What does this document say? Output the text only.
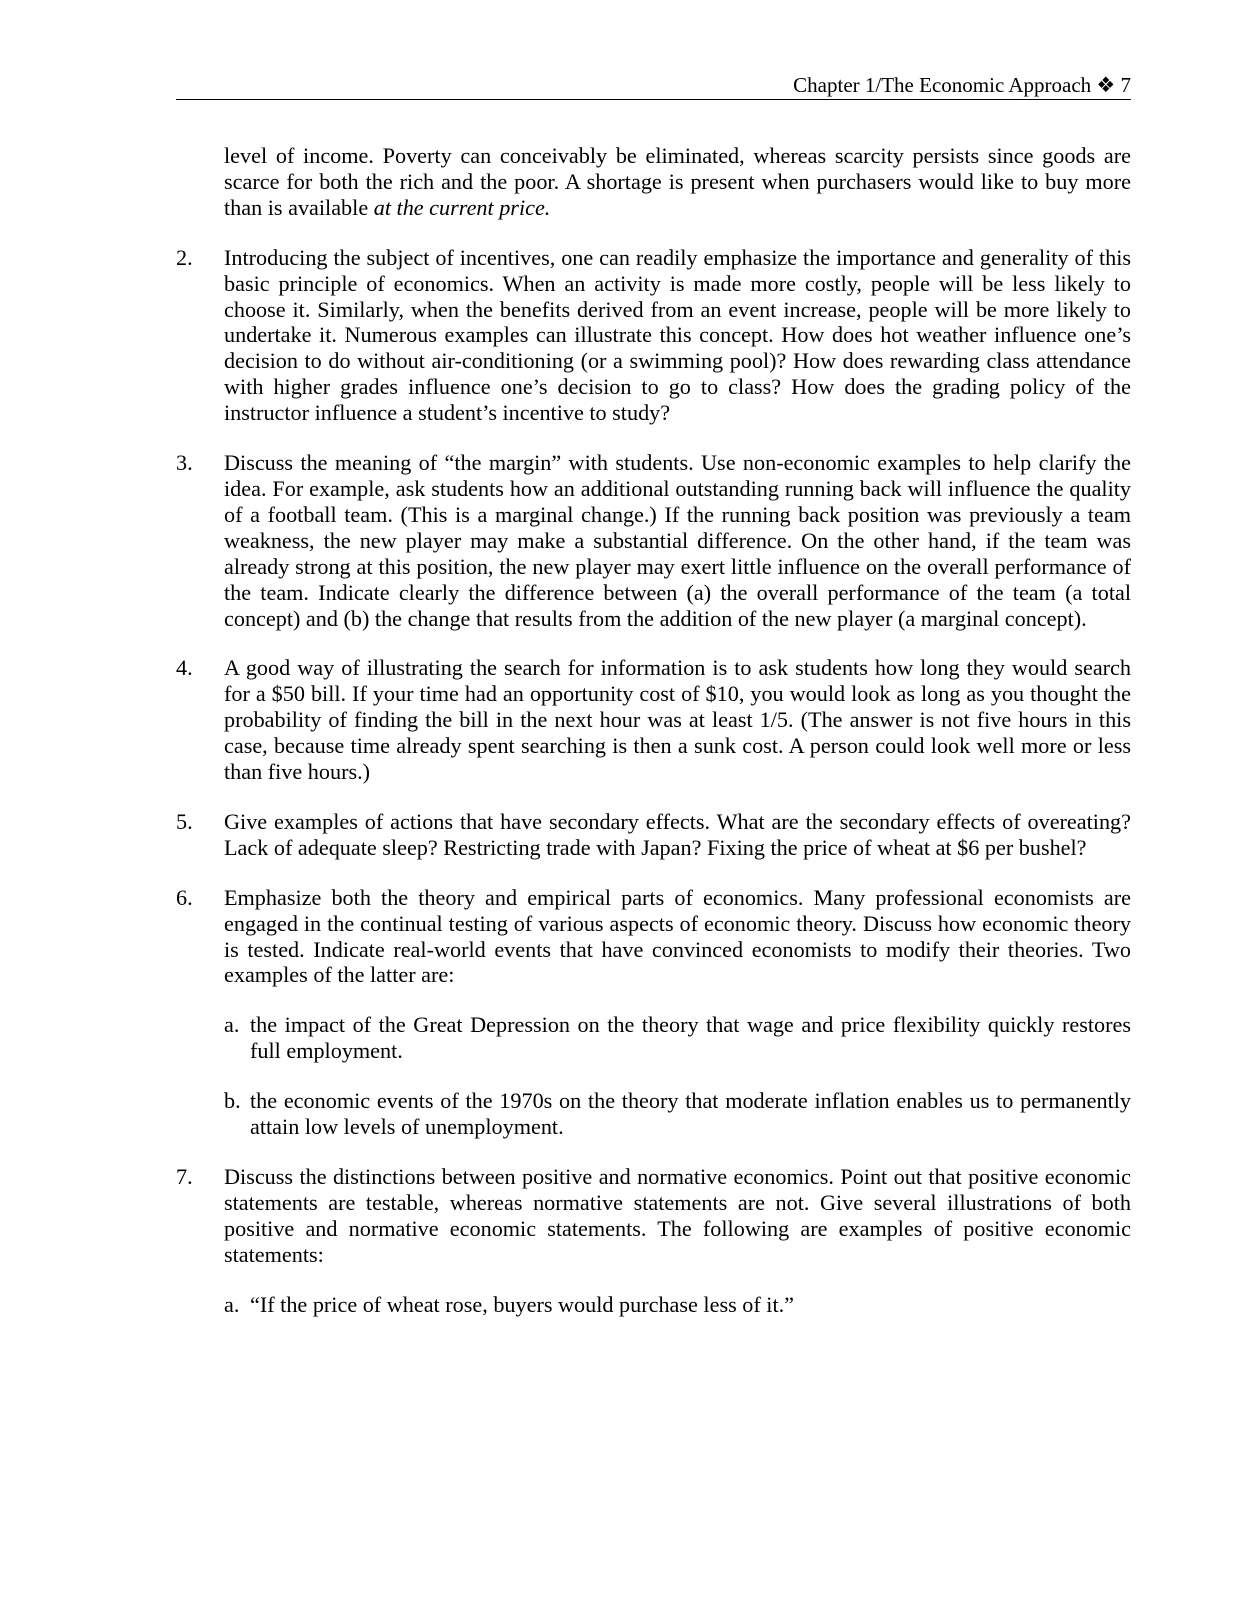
Chapter 1/The Economic Approach ❖ 7

level of income. Poverty can conceivably be eliminated, whereas scarcity persists since goods are scarce for both the rich and the poor. A shortage is present when purchasers would like to buy more than is available at the current price.

2. Introducing the subject of incentives, one can readily emphasize the importance and generality of this basic principle of economics. When an activity is made more costly, people will be less likely to choose it. Similarly, when the benefits derived from an event increase, people will be more likely to undertake it. Numerous examples can illustrate this concept. How does hot weather influence one’s decision to do without air-conditioning (or a swimming pool)? How does rewarding class attendance with higher grades influence one’s decision to go to class? How does the grading policy of the instructor influence a student’s incentive to study?
3. Discuss the meaning of “the margin” with students. Use non-economic examples to help clarify the idea. For example, ask students how an additional outstanding running back will influence the quality of a football team. (This is a marginal change.) If the running back position was previously a team weakness, the new player may make a substantial difference. On the other hand, if the team was already strong at this position, the new player may exert little influence on the overall performance of the team. Indicate clearly the difference between (a) the overall performance of the team (a total concept) and (b) the change that results from the addition of the new player (a marginal concept).
4. A good way of illustrating the search for information is to ask students how long they would search for a $50 bill. If your time had an opportunity cost of $10, you would look as long as you thought the probability of finding the bill in the next hour was at least 1/5. (The answer is not five hours in this case, because time already spent searching is then a sunk cost. A person could look well more or less than five hours.)
5. Give examples of actions that have secondary effects. What are the secondary effects of overeating? Lack of adequate sleep? Restricting trade with Japan? Fixing the price of wheat at $6 per bushel?
6. Emphasize both the theory and empirical parts of economics. Many professional economists are engaged in the continual testing of various aspects of economic theory. Discuss how economic theory is tested. Indicate real-world events that have convinced economists to modify their theories. Two examples of the latter are:
a. the impact of the Great Depression on the theory that wage and price flexibility quickly restores full employment.
b. the economic events of the 1970s on the theory that moderate inflation enables us to permanently attain low levels of unemployment.
7. Discuss the distinctions between positive and normative economics. Point out that positive economic statements are testable, whereas normative statements are not. Give several illustrations of both positive and normative economic statements. The following are examples of positive economic statements:
a. “If the price of wheat rose, buyers would purchase less of it.”
